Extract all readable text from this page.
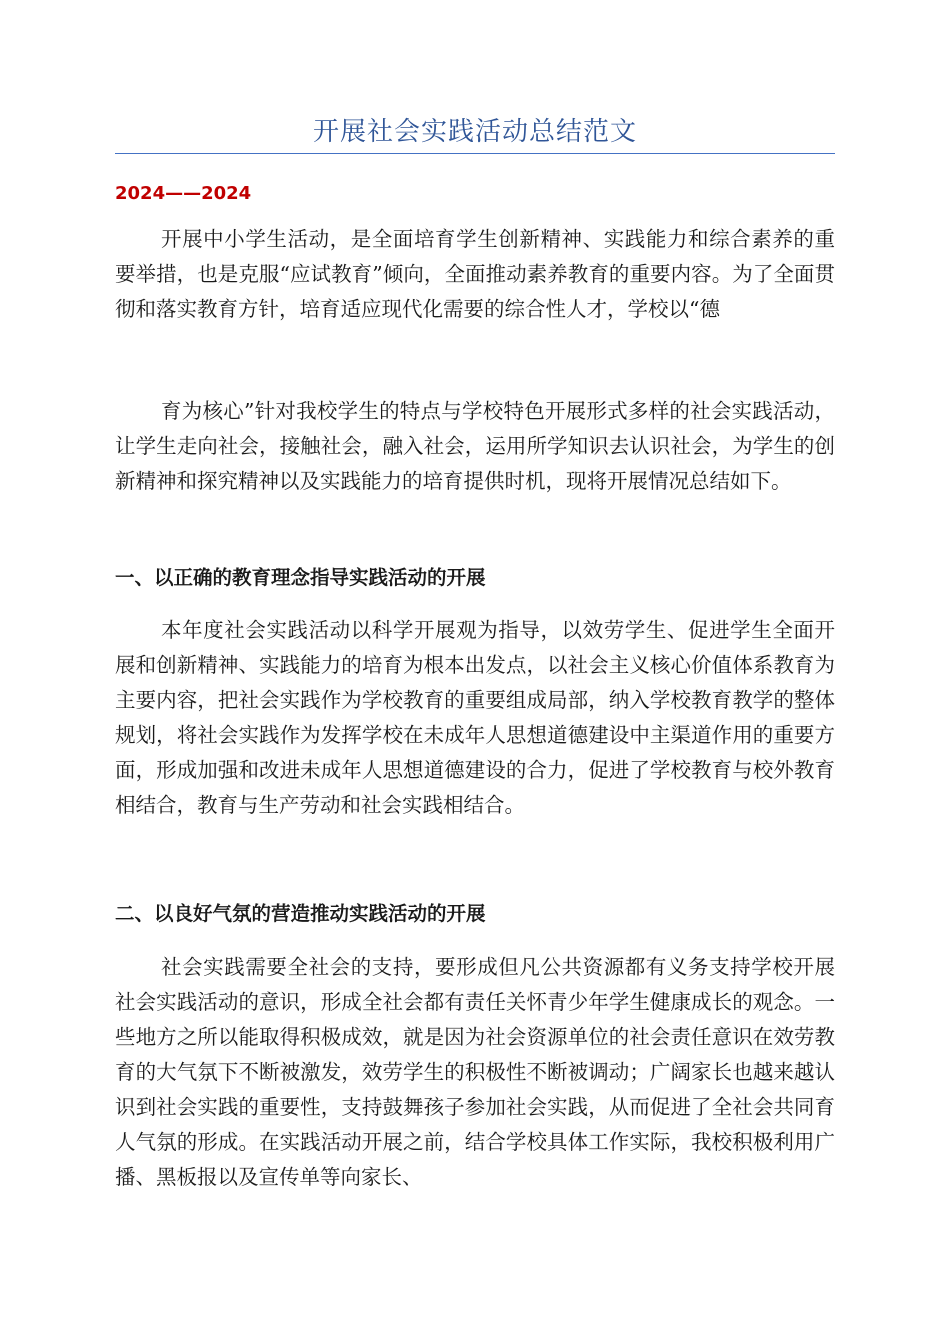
开展社会实践活动总结范文
2024——2024

开展中小学生活动，是全面培育学生创新精神、实践能力和综合素养的重要举措，也是克服“应试教育”倾向，全面推动素养教育的重要内容。为了全面贯彻和落实教育方针，培育适应现代化需要的综合性人才，学校以“德

育为核心”针对我校学生的特点与学校特色开展形式多样的社会实践活动，让学生走向社会，接触社会，融入社会，运用所学知识去认识社会，为学生的创新精神和探究精神以及实践能力的培育提供时机，现将开展情况总结如下。

一、以正确的教育理念指导实践活动的开展

本年度社会实践活动以科学开展观为指导，以效劳学生、促进学生全面开展和创新精神、实践能力的培育为根本出发点，以社会主义核心价值体系教育为主要内容，把社会实践作为学校教育的重要组成局部，纳入学校教育教学的整体规划，将社会实践作为发挥学校在未成年人思想道德建设中主渠道作用的重要方面，形成加强和改进未成年人思想道德建设的合力，促进了学校教育与校外教育相结合，教育与生产劳动和社会实践相结合。

二、以良好气氛的营造推动实践活动的开展

社会实践需要全社会的支持，要形成但凡公共资源都有义务支持学校开展社会实践活动的意识，形成全社会都有责任关怀青少年学生健康成长的观念。一些地方之所以能取得积极成效，就是因为社会资源单位的社会责任意识在效劳教育的大气氛下不断被激发，效劳学生的积极性不断被调动；广阔家长也越来越认识到社会实践的重要性，支持鼓舞孩子参加社会实践，从而促进了全社会共同育人气氛的形成。在实践活动开展之前，结合学校具体工作实际，我校积极利用广播、黑板报以及宣传单等向家长、
